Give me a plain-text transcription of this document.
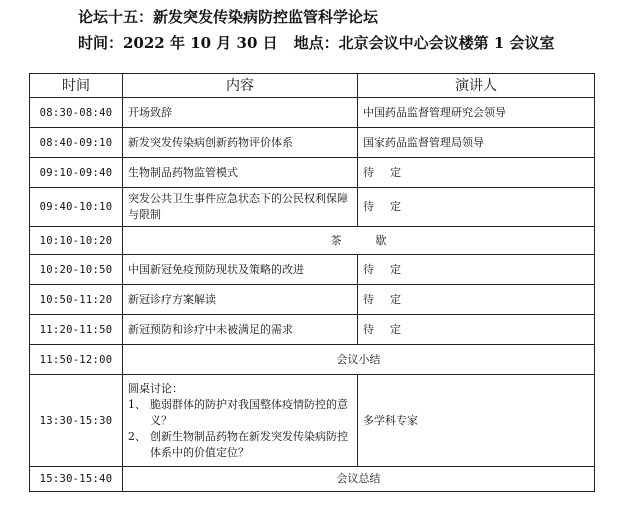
论坛十五：新发突发传染病防控监管科学论坛
时间：2022 年 10 月 30 日 地点：北京会议中心会议楼第 1 会议室
时间	内容	演讲人
08:30-08:40	开场致辞	中国药品监督管理研究会领导
08:40-09:10	新发突发传染病创新药物评价体系	国家药品监督管理局领导
09:10-09:40	生物制品药物监管模式	待 定
09:40-10:10	突发公共卫生事件应急状态下的公民权利保障与限制	待 定
10:10-10:20	茶 歇	
10:20-10:50	中国新冠免疫预防现状及策略的改进	待 定
10:50-11:20	新冠诊疗方案解读	待 定
11:20-11:50	新冠预防和诊疗中未被满足的需求	待 定
11:50-12:00	会议小结	
13:30-15:30	圆桌讨论：
1、 脆弱群体的防护对我国整体疫情防控的意义？
2、 创新生物制品药物在新发突发传染病防控体系中的价值定位？	多学科专家
15:30-15:40	会议总结	
